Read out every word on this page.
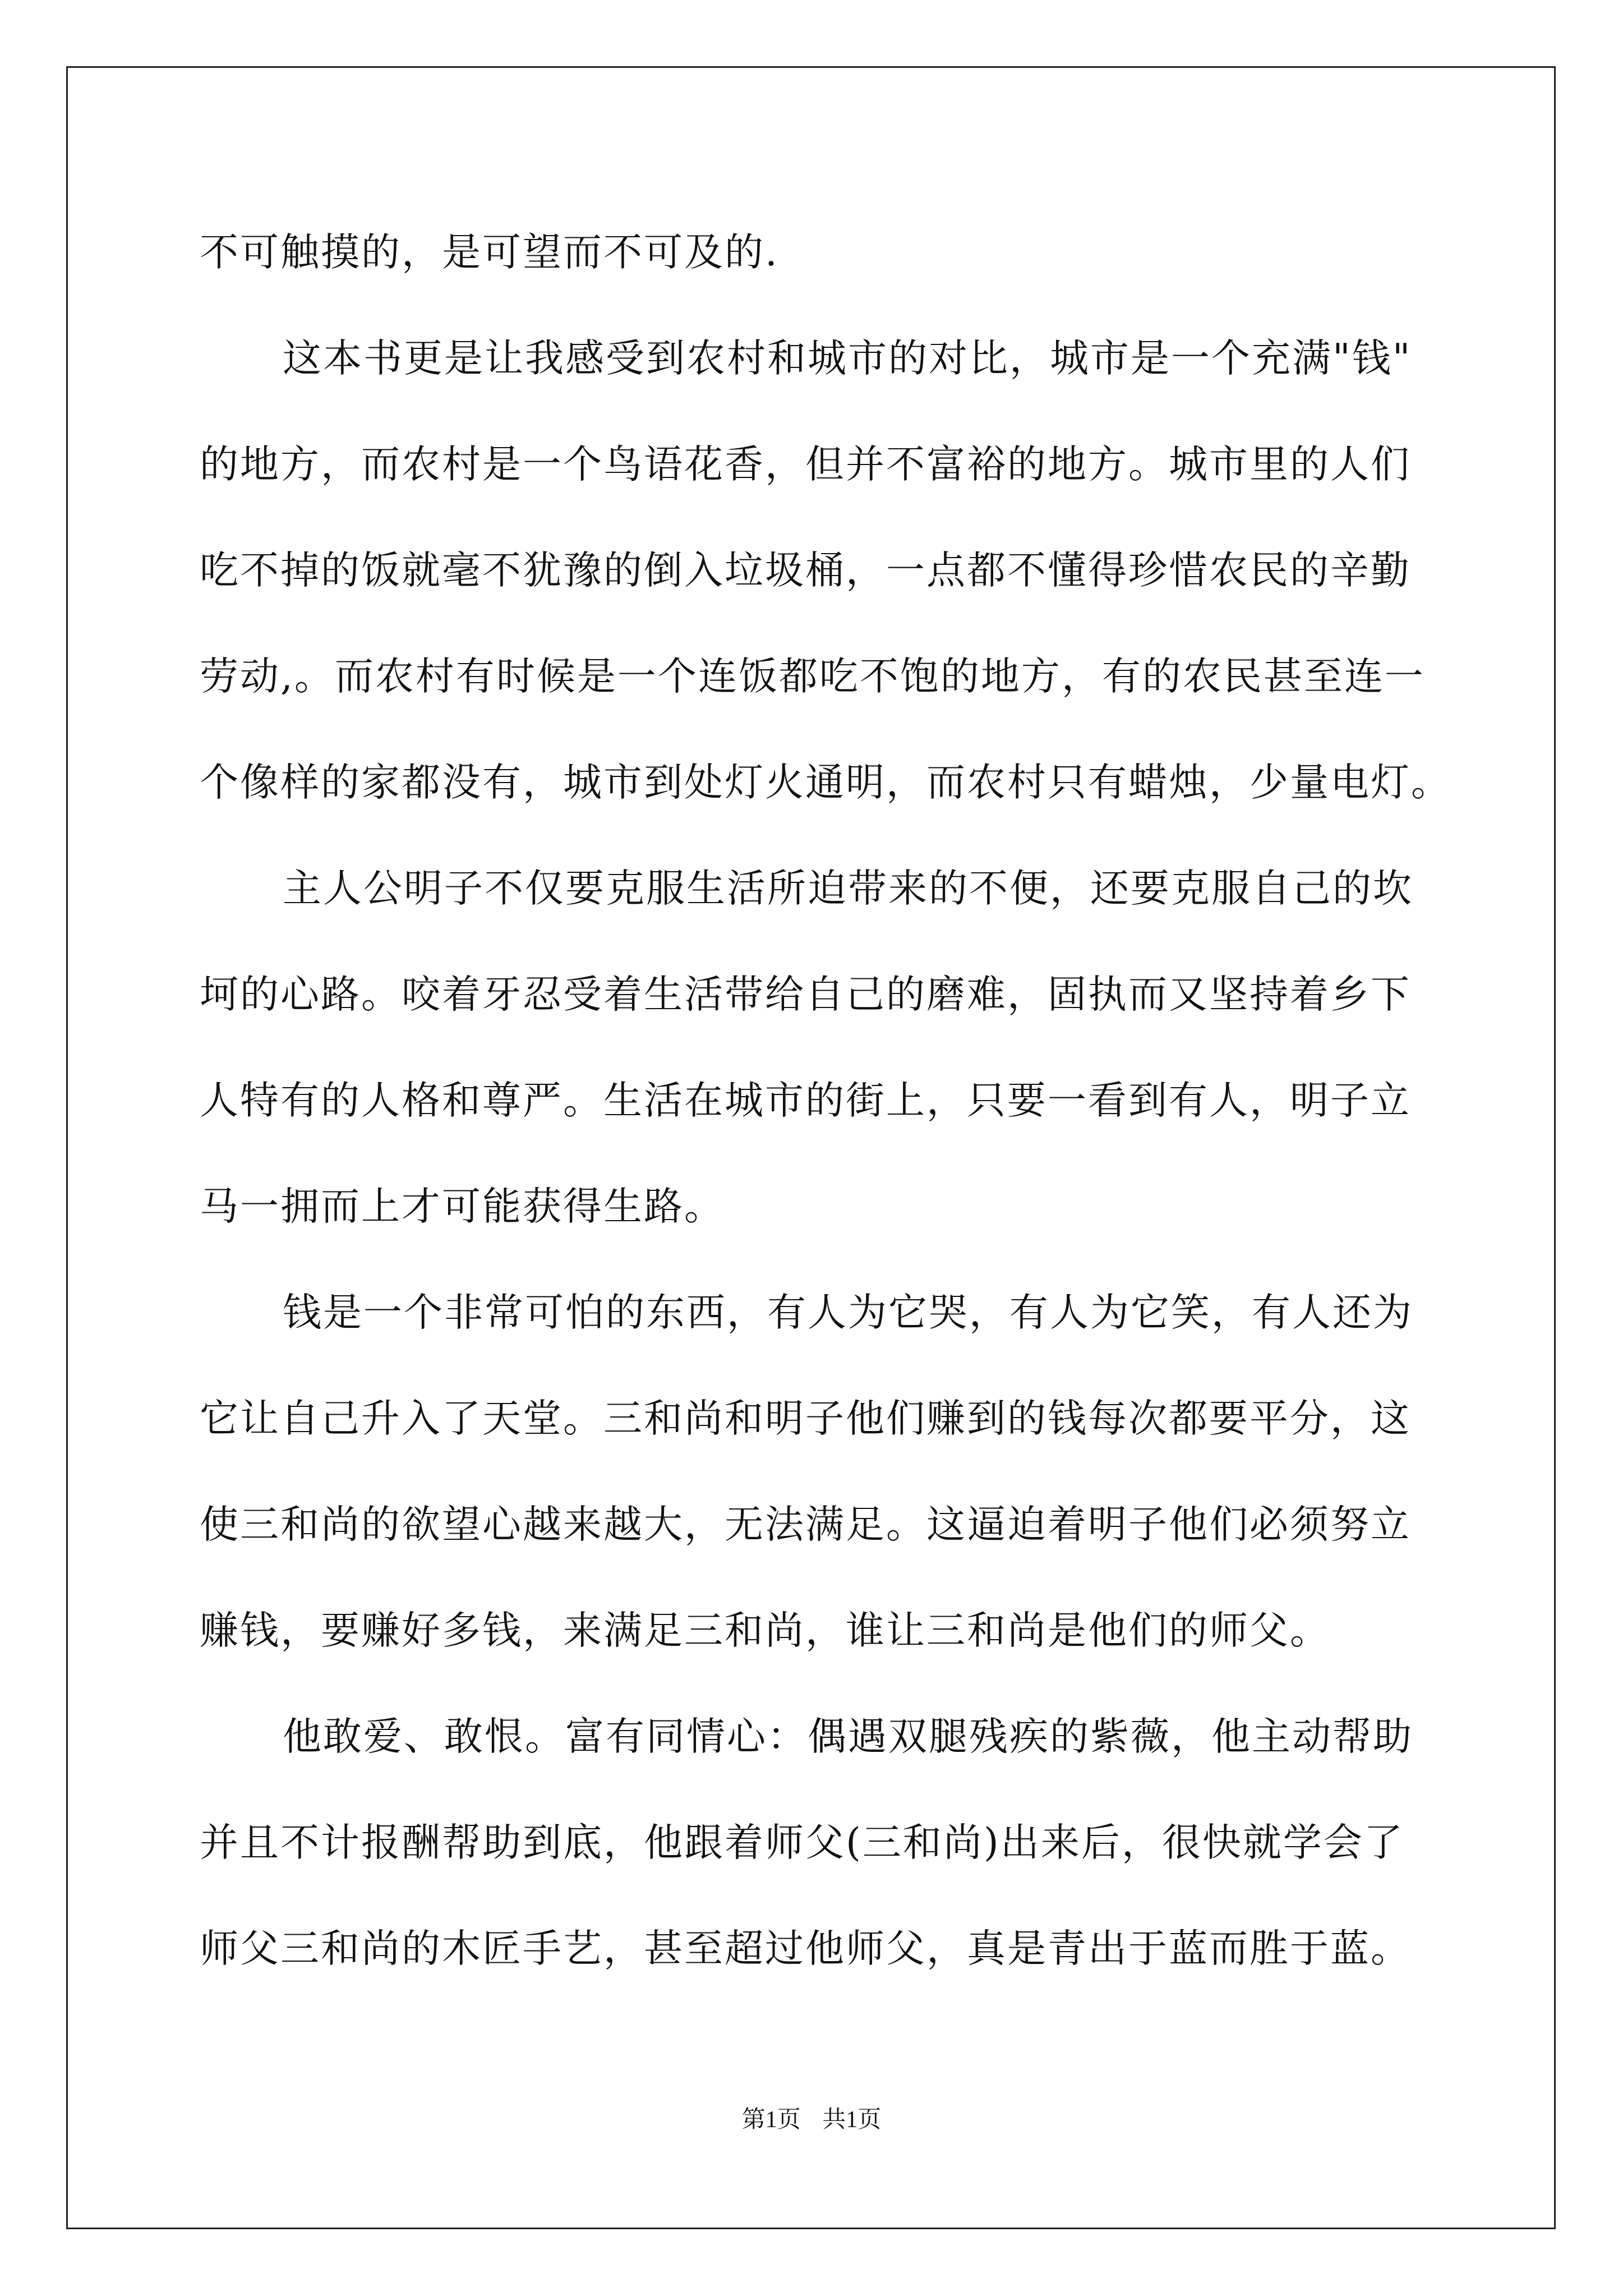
不可触摸的，是可望而不可及的.
这本书更是让我感受到农村和城市的对比，城市是一个充满"钱"
的地方，而农村是一个鸟语花香，但并不富裕的地方。城市里的人们
吃不掉的饭就毫不犹豫的倒入垃圾桶，一点都不懂得珍惜农民的辛勤
劳动,。而农村有时候是一个连饭都吃不饱的地方，有的农民甚至连一
个像样的家都没有，城市到处灯火通明，而农村只有蜡烛，少量电灯。
主人公明子不仅要克服生活所迫带来的不便，还要克服自己的坎
坷的心路。咬着牙忍受着生活带给自己的磨难，固执而又坚持着乡下
人特有的人格和尊严。生活在城市的街上，只要一看到有人，明子立
马一拥而上才可能获得生路。
钱是一个非常可怕的东西，有人为它哭，有人为它笑，有人还为
它让自己升入了天堂。三和尚和明子他们赚到的钱每次都要平分，这
使三和尚的欲望心越来越大，无法满足。这逼迫着明子他们必须努立
赚钱，要赚好多钱，来满足三和尚，谁让三和尚是他们的师父。
他敢爱、敢恨。富有同情心：偶遇双腿残疾的紫薇，他主动帮助
并且不计报酬帮助到底，他跟着师父(三和尚)出来后，很快就学会了
师父三和尚的木匠手艺，甚至超过他师父，真是青出于蓝而胜于蓝。
第1页 共1页
